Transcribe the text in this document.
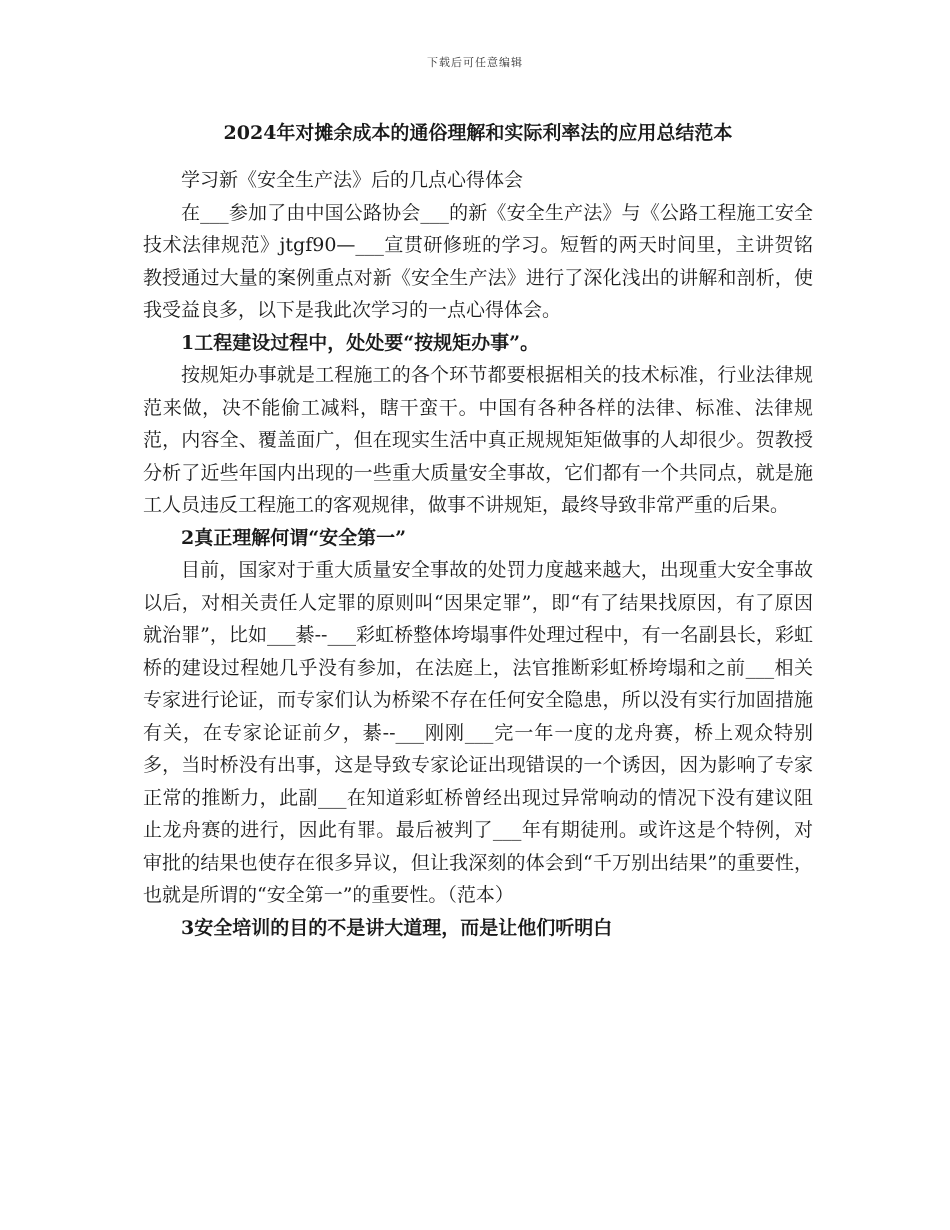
下载后可任意编辑
2024年对摊余成本的通俗理解和实际利率法的应用总结范本

学习新《安全生产法》后的几点心得体会

在___参加了由中国公路协会___的新《安全生产法》与《公路工程施工安全技术法律规范》jtgf90—___宣贯研修班的学习。短暂的两天时间里，主讲贺铭教授通过大量的案例重点对新《安全生产法》进行了深化浅出的讲解和剖析，使我受益良多，以下是我此次学习的一点心得体会。

1工程建设过程中，处处要“按规矩办事”。

按规矩办事就是工程施工的各个环节都要根据相关的技术标准，行业法律规范来做，决不能偷工减料，瞎干蛮干。中国有各种各样的法律、标准、法律规范，内容全、覆盖面广，但在现实生活中真正规规矩矩做事的人却很少。贺教授分析了近些年国内出现的一些重大质量安全事故，它们都有一个共同点，就是施工人员违反工程施工的客观规律，做事不讲规矩，最终导致非常严重的后果。

2真正理解何谓“安全第一”

目前，国家对于重大质量安全事故的处罚力度越来越大，出现重大安全事故以后，对相关责任人定罪的原则叫“因果定罪”，即“有了结果找原因，有了原因就治罪”，比如___綦--___彩虹桥整体垮塌事件处理过程中，有一名副县长，彩虹桥的建设过程她几乎没有参加，在法庭上，法官推断彩虹桥垮塌和之前___相关专家进行论证，而专家们认为桥梁不存在任何安全隐患，所以没有实行加固措施有关，在专家论证前夕，綦--___刚刚___完一年一度的龙舟赛，桥上观众特别多，当时桥没有出事，这是导致专家论证出现错误的一个诱因，因为影响了专家正常的推断力，此副___在知道彩虹桥曾经出现过异常响动的情况下没有建议阻止龙舟赛的进行，因此有罪。最后被判了___年有期徒刑。或许这是个特例，对审批的结果也使存在很多异议，但让我深刻的体会到“千万别出结果”的重要性，也就是所谓的“安全第一”的重要性。（范本）

3安全培训的目的不是讲大道理，而是让他们听明白
